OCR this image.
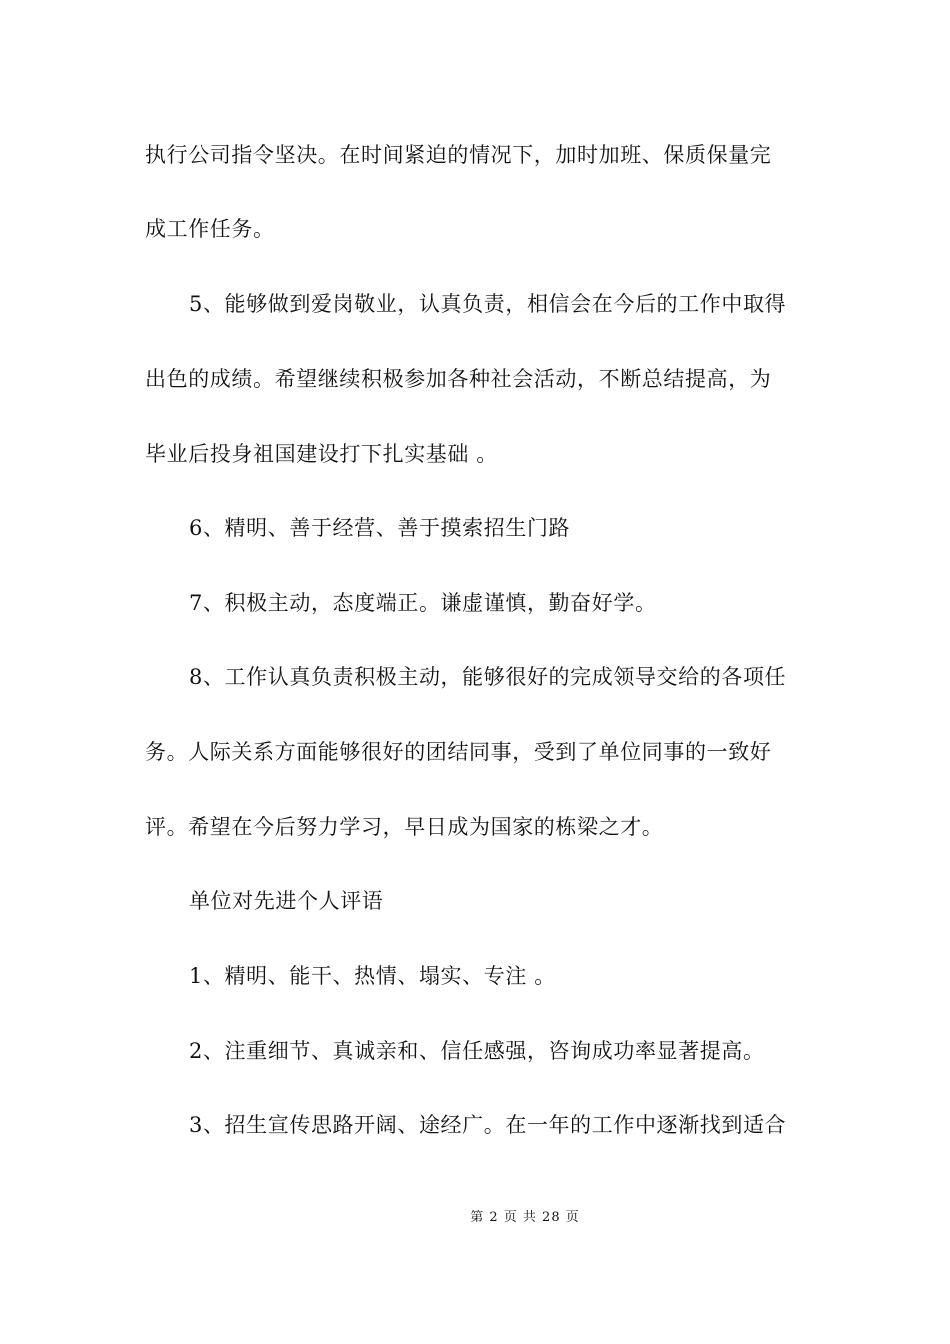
执行公司指令坚决。在时间紧迫的情况下，加时加班、保质保量完
成工作任务。
5、能够做到爱岗敬业，认真负责，相信会在今后的工作中取得
出色的成绩。希望继续积极参加各种社会活动，不断总结提高，为
毕业后投身祖国建设打下扎实基础 。
6、精明、善于经营、善于摸索招生门路
7、积极主动，态度端正。谦虚谨慎，勤奋好学。
8、工作认真负责积极主动，能够很好的完成领导交给的各项任
务。人际关系方面能够很好的团结同事，受到了单位同事的一致好
评。希望在今后努力学习，早日成为国家的栋梁之才。
单位对先进个人评语
1、精明、能干、热情、塌实、专注 。
2、注重细节、真诚亲和、信任感强，咨询成功率显著提高。
3、招生宣传思路开阔、途经广。在一年的工作中逐渐找到适合
第 2 页 共 28 页
